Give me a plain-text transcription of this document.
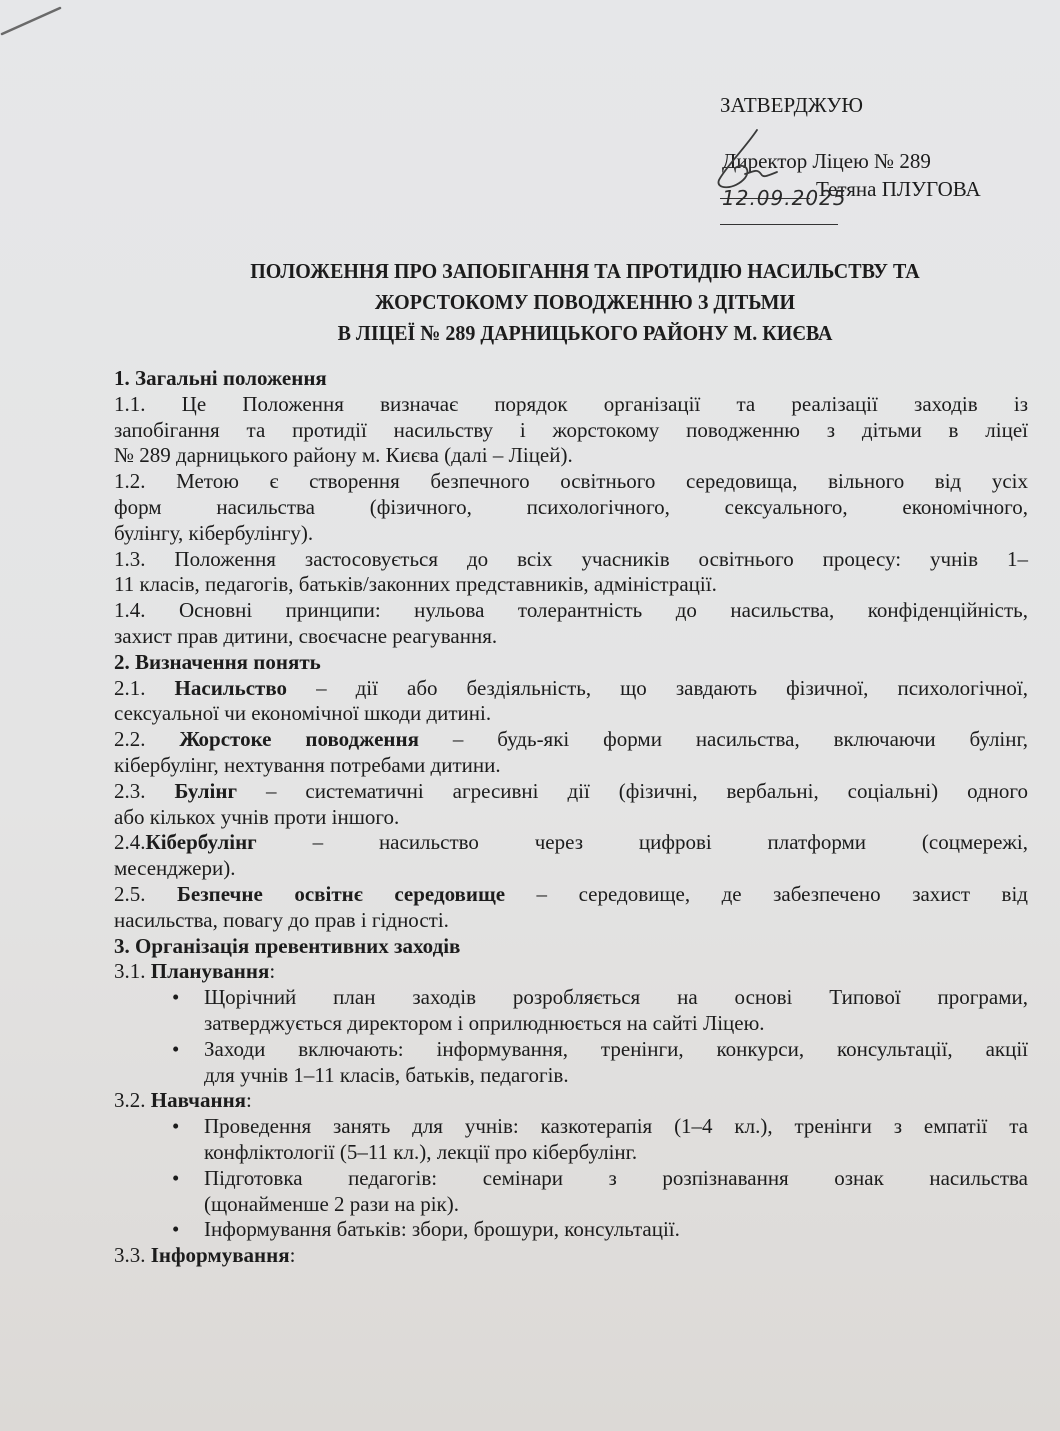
ЗАТВЕРДЖУЮ
Директор Ліцею № 289
Тетяна ПЛУГОВА
12.09.2025
ПОЛОЖЕННЯ ПРО ЗАПОБІГАННЯ ТА ПРОТИДІЮ НАСИЛЬСТВУ ТА
ЖОРСТОКОМУ ПОВОДЖЕННЮ З ДІТЬМИ
В ЛІЦЕЇ № 289 ДАРНИЦЬКОГО РАЙОНУ М. КИЄВА
1. Загальні положення
1.1. Це Положення визначає порядок організації та реалізації заходів із
запобігання та протидії насильству і жорстокому поводженню з дітьми в ліцеї
№ 289 дарницького району м. Києва (далі – Ліцей).
1.2. Метою є створення безпечного освітнього середовища, вільного від усіх
форм насильства (фізичного, психологічного, сексуального, економічного,
булінгу, кібербулінгу).
1.3. Положення застосовується до всіх учасників освітнього процесу: учнів 1–
11 класів, педагогів, батьків/законних представників, адміністрації.
1.4. Основні принципи: нульова толерантність до насильства, конфіденційність,
захист прав дитини, своєчасне реагування.
2. Визначення понять
2.1. Насильство – дії або бездіяльність, що завдають фізичної, психологічної,
сексуальної чи економічної шкоди дитині.
2.2. Жорстоке поводження – будь-які форми насильства, включаючи булінг,
кібербулінг, нехтування потребами дитини.
2.3. Булінг – систематичні агресивні дії (фізичні, вербальні, соціальні) одного
або кількох учнів проти іншого.
2.4.Кібербулінг – насильство через цифрові платформи (соцмережі,
месенджери).
2.5. Безпечне освітнє середовище – середовище, де забезпечено захист від
насильства, повагу до прав і гідності.
3. Організація превентивних заходів
3.1. Планування:
• Щорічний план заходів розробляється на основі Типової програми,
затверджується директором і оприлюднюється на сайті Ліцею.
• Заходи включають: інформування, тренінги, конкурси, консультації, акції
для учнів 1–11 класів, батьків, педагогів.
3.2. Навчання:
• Проведення занять для учнів: казкотерапія (1–4 кл.), тренінги з емпатії та
конфліктології (5–11 кл.), лекції про кібербулінг.
• Підготовка педагогів: семінари з розпізнавання ознак насильства
(щонайменше 2 рази на рік).
• Інформування батьків: збори, брошури, консультації.
3.3. Інформування:
